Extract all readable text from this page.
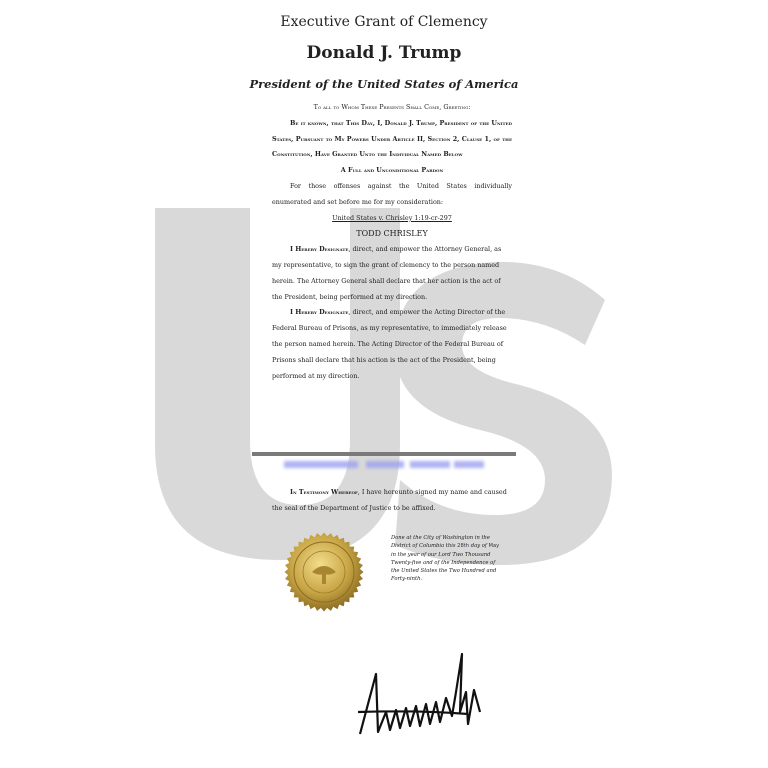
Executive Grant of Clemency
Donald J. Trump
President of the United States of America

To all to Whom These Presents Shall Come, Greeting:

Be it known, that This Day, I, Donald J. Trump, President of the United States, Pursuant to My Powers Under Article II, Section 2, Clause 1, of the Constitution, Have Granted Unto the Individual Named Below

A Full and Unconditional Pardon

For those offenses against the United States individually enumerated and set before me for my consideration:

United States v. Chrisley 1:19-cr-297

TODD CHRISLEY

I Hereby Designate, direct, and empower the Attorney General, as my representative, to sign the grant of clemency to the person named herein. The Attorney General shall declare that her action is the act of the President, being performed at my direction.

I Hereby Designate, direct, and empower the Acting Director of the Federal Bureau of Prisons, as my representative, to immediately release the person named herein. The Acting Director of the Federal Bureau of Prisons shall declare that his action is the act of the President, being performed at my direction.

In Testimony Whereof, I have hereunto signed my name and caused the seal of the Department of Justice to be affixed.

Done at the City of Washington in the District of Columbia this 28th day of May in the year of our Lord Two Thousand Twenty-five and of the Independence of the United States the Two Hundred and Forty-ninth.
